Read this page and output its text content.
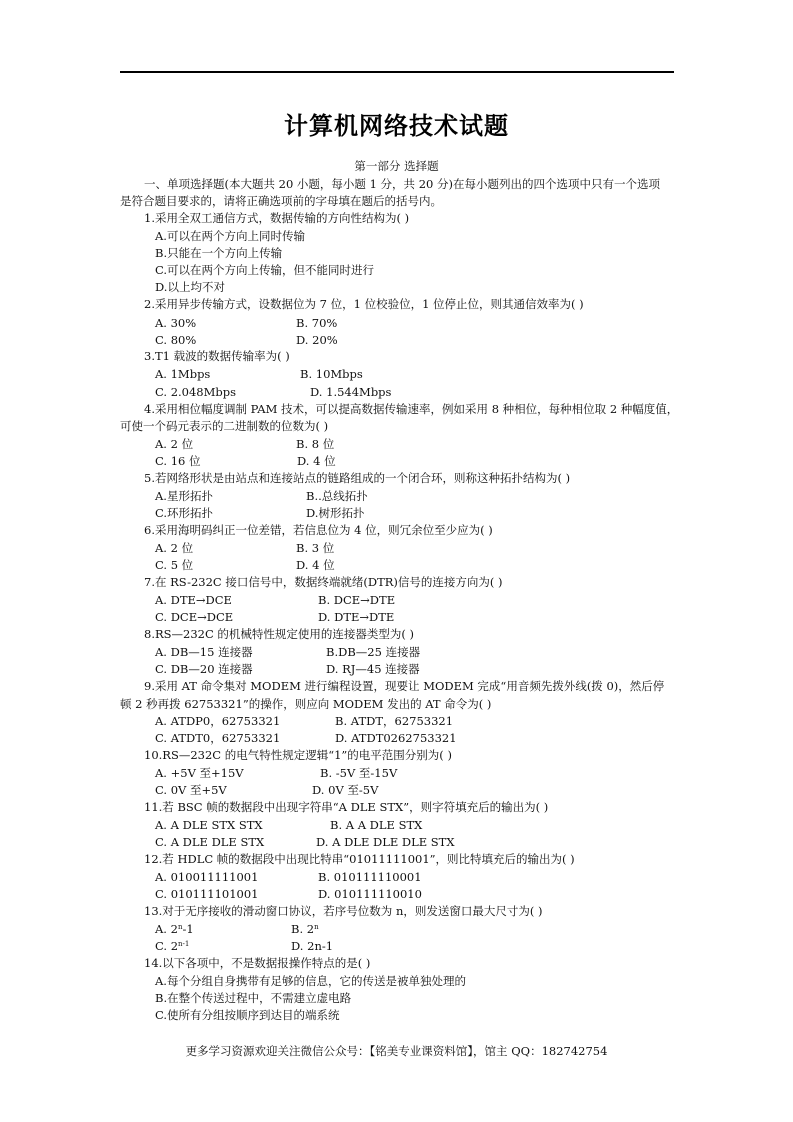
计算机网络技术试题
第一部分 选择题
一、单项选择题(本大题共 20 小题，每小题 1 分，共 20 分)在每小题列出的四个选项中只有一个选项
是符合题目要求的，请将正确选项前的字母填在题后的括号内。
1.采用全双工通信方式，数据传输的方向性结构为( )
A.可以在两个方向上同时传输
B.只能在一个方向上传输
C.可以在两个方向上传输，但不能同时进行
D.以上均不对
2.采用异步传输方式，设数据位为 7 位，1 位校验位，1 位停止位，则其通信效率为( )
A. 30%	B. 70%
C. 80%	D. 20%
3.T1 载波的数据传输率为( )
A. 1Mbps	B. 10Mbps
C. 2.048Mbps	D. 1.544Mbps
4.采用相位幅度调制 PAM 技术，可以提高数据传输速率，例如采用 8 种相位，每种相位取 2 种幅度值，
可使一个码元表示的二进制数的位数为( )
A. 2 位	B. 8 位
C. 16 位	D. 4 位
5.若网络形状是由站点和连接站点的链路组成的一个闭合环，则称这种拓扑结构为( )
A.星形拓扑	B..总线拓扑
C.环形拓扑	D.树形拓扑
6.采用海明码纠正一位差错，若信息位为 4 位，则冗余位至少应为( )
A. 2 位	B. 3 位
C. 5 位	D. 4 位
7.在 RS-232C 接口信号中，数据终端就绪(DTR)信号的连接方向为( )
A. DTE→DCE	B. DCE→DTE
C. DCE→DCE	D. DTE→DTE
8.RS—232C 的机械特性规定使用的连接器类型为( )
A. DB—15 连接器	B.DB—25 连接器
C. DB—20 连接器	D. RJ—45 连接器
9.采用 AT 命令集对 MODEM 进行编程设置，现要让 MODEM 完成“用音频先拨外线(拨 0)，然后停
顿 2 秒再拨 62753321”的操作，则应向 MODEM 发出的 AT 命令为( )
A. ATDP0，62753321	B. ATDT，62753321
C. ATDT0，62753321	D. ATDT0262753321
10.RS—232C 的电气特性规定逻辑“1”的电平范围分别为( )
A. +5V 至+15V	B. -5V 至-15V
C. 0V 至+5V	D. 0V 至-5V
11.若 BSC 帧的数据段中出现字符串“A DLE STX”，则字符填充后的输出为( )
A. A DLE STX STX	B. A A DLE STX
C. A DLE DLE STX	D. A DLE DLE DLE STX
12.若 HDLC 帧的数据段中出现比特串“01011111001”，则比特填充后的输出为( )
A. 010011111001	B. 010111110001
C. 010111101001	D. 010111110010
13.对于无序接收的滑动窗口协议，若序号位数为 n，则发送窗口最大尺寸为( )
A. 2$^n$-1	B. 2$^n$
C. 2$^{n-1}$	D. 2n-1
14.以下各项中，不是数据报操作特点的是( )
A.每个分组自身携带有足够的信息，它的传送是被单独处理的
B.在整个传送过程中，不需建立虚电路
C.使所有分组按顺序到达目的端系统
更多学习资源欢迎关注微信公众号：【铭美专业课资料馆】，馆主 QQ：182742754
